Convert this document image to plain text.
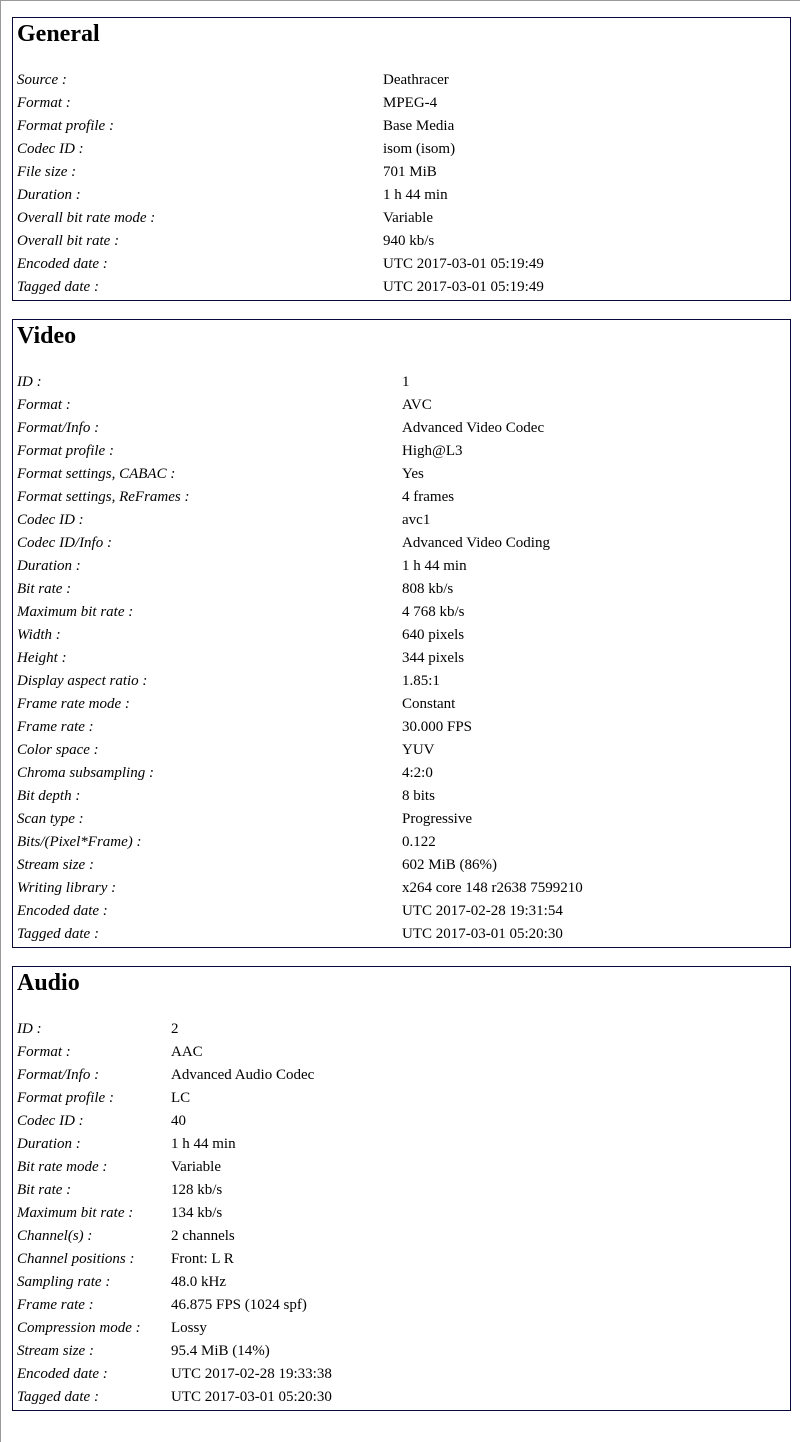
General
Source :	Deathracer
Format :	MPEG-4
Format profile :	Base Media
Codec ID :	isom (isom)
File size :	701 MiB
Duration :	1 h 44 min
Overall bit rate mode :	Variable
Overall bit rate :	940 kb/s
Encoded date :	UTC 2017-03-01 05:19:49
Tagged date :	UTC 2017-03-01 05:19:49
Video
ID :	1
Format :	AVC
Format/Info :	Advanced Video Codec
Format profile :	High@L3
Format settings, CABAC :	Yes
Format settings, ReFrames :	4 frames
Codec ID :	avc1
Codec ID/Info :	Advanced Video Coding
Duration :	1 h 44 min
Bit rate :	808 kb/s
Maximum bit rate :	4 768 kb/s
Width :	640 pixels
Height :	344 pixels
Display aspect ratio :	1.85:1
Frame rate mode :	Constant
Frame rate :	30.000 FPS
Color space :	YUV
Chroma subsampling :	4:2:0
Bit depth :	8 bits
Scan type :	Progressive
Bits/(Pixel*Frame) :	0.122
Stream size :	602 MiB (86%)
Writing library :	x264 core 148 r2638 7599210
Encoded date :	UTC 2017-02-28 19:31:54
Tagged date :	UTC 2017-03-01 05:20:30
Audio
ID :	2
Format :	AAC
Format/Info :	Advanced Audio Codec
Format profile :	LC
Codec ID :	40
Duration :	1 h 44 min
Bit rate mode :	Variable
Bit rate :	128 kb/s
Maximum bit rate :	134 kb/s
Channel(s) :	2 channels
Channel positions : Front: L R
Sampling rate :	48.0 kHz
Frame rate :	46.875 FPS (1024 spf)
Compression mode : Lossy
Stream size :	95.4 MiB (14%)
Encoded date :	UTC 2017-02-28 19:33:38
Tagged date :	UTC 2017-03-01 05:20:30
